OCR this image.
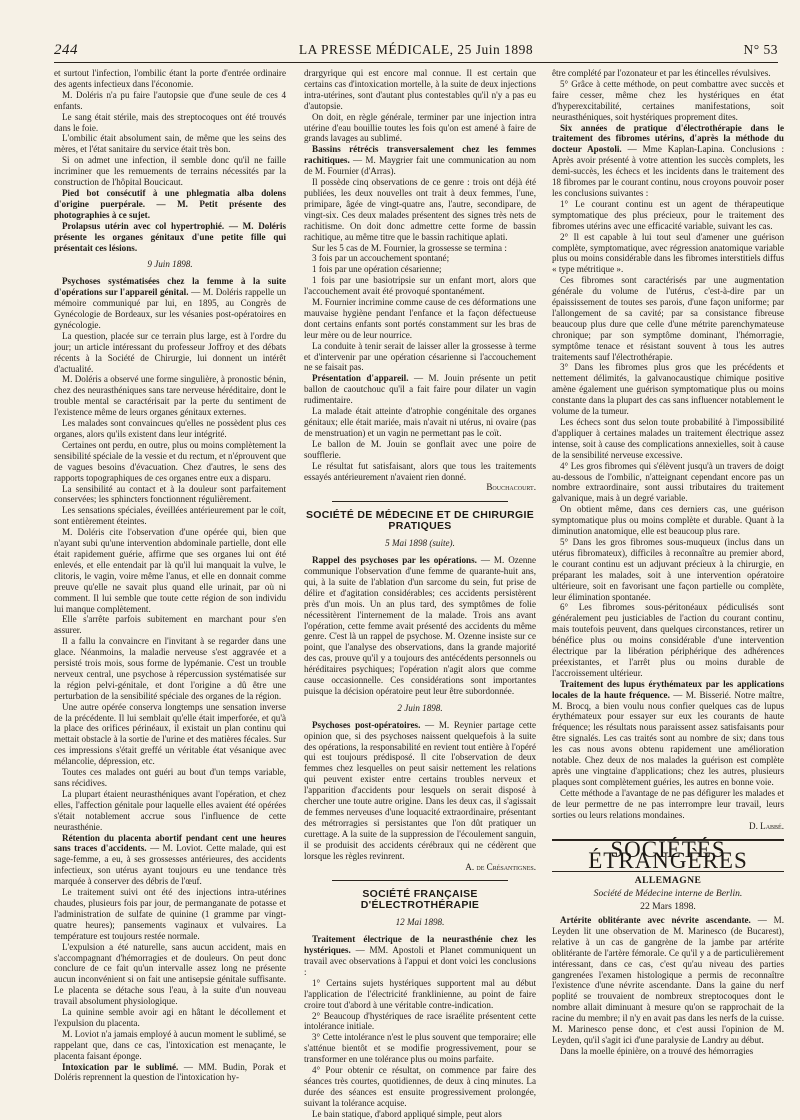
244	LA PRESSE MÉDICALE, 25 Juin 1898	N° 53

et surtout l'infection, l'ombilic étant la porte d'entrée ordinaire des agents infectieux dans l'économie.

M. Doléris n'a pu faire l'autopsie que d'une seule de ces 4 enfants.

Le sang était stérile, mais des streptocoques ont été trouvés dans le foie.

L'ombilic était absolument sain, de même que les seins des mères, et l'état sanitaire du service était très bon.

Si on admet une infection, il semble donc qu'il ne faille incriminer que les remuements de terrains nécessités par la construction de l'hôpital Boucicaut.

Pied bot consécutif à une phlegmatia alba dolens d'origine puerpérale. — M. Petit présente des photographies à ce sujet.

Prolapsus utérin avec col hypertrophié. — M. Doléris présente les organes génitaux d'une petite fille qui présentait ces lésions.

9 Juin 1898.

Psychoses systématisées chez la femme à la suite d'opérations sur l'appareil génital. — M. Doléris rappelle un mémoire communiqué par lui, en 1895, au Congrès de Gynécologie de Bordeaux, sur les vésanies post-opératoires en gynécologie.

La question, placée sur ce terrain plus large, est à l'ordre du jour; un article intéressant du professeur Joffroy et des débats récents à la Société de Chirurgie, lui donnent un intérêt d'actualité.

M. Doléris a observé une forme singulière, à pronostic bénin, chez des neurasthéniques sans tare nerveuse héréditaire, dont le trouble mental se caractérisait par la perte du sentiment de l'existence même de leurs organes génitaux externes.

Les malades sont convaincues qu'elles ne possèdent plus ces organes, alors qu'ils existent dans leur intégrité.

Certaines ont perdu, en outre, plus ou moins complètement la sensibilité spéciale de la vessie et du rectum, et n'éprouvent que de vagues besoins d'évacuation. Chez d'autres, le sens des rapports topographiques de ces organes entre eux a disparu.

La sensibilité au contact et à la douleur sont parfaitement conservées; les sphincters fonctionnent régulièrement.

Les sensations spéciales, éveillées antérieurement par le coït, sont entièrement éteintes.

M. Doléris cite l'observation d'une opérée qui, bien que n'ayant subi qu'une intervention abdominale partielle, dont elle était rapidement guérie, affirme que ses organes lui ont été enlevés, et elle entendait par là qu'il lui manquait la vulve, le clitoris, le vagin, voire même l'anus, et elle en donnait comme preuve qu'elle ne savait plus quand elle urinait, par où ni comment. Il lui semble que toute cette région de son individu lui manque complètement.

Elle s'arrête parfois subitement en marchant pour s'en assurer.

Il a fallu la convaincre en l'invitant à se regarder dans une glace. Néanmoins, la maladie nerveuse s'est aggravée et a persisté trois mois, sous forme de lypémanie. C'est un trouble nerveux central, une psychose à répercussion systématisée sur la région pelvi-génitale, et dont l'origine a dû être une perturbation de la sensibilité spéciale des organes de la région.

Une autre opérée conserva longtemps une sensation inverse de la précédente. Il lui semblait qu'elle était imperforée, et qu'à la place des orifices périnéaux, il existait un plan continu qui mettait obstacle à la sortie de l'urine et des matières fécales. Sur ces impressions s'était greffé un véritable état vésanique avec mélancolie, dépression, etc.

Toutes ces malades ont guéri au bout d'un temps variable, sans récidives.

La plupart étaient neurasthéniques avant l'opération, et chez elles, l'affection génitale pour laquelle elles avaient été opérées s'était notablement accrue sous l'influence de cette neurasthénie.

Rétention du placenta abortif pendant cent une heures sans traces d'accidents. — M. Loviot. Cette malade, qui est sage-femme, a eu, à ses grossesses antérieures, des accidents infectieux, son utérus ayant toujours eu une tendance très marquée à conserver des débris de l'œuf.

Le traitement suivi ont été des injections intra-utérines chaudes, plusieurs fois par jour, de permanganate de potasse et l'administration de sulfate de quinine (1 gramme par vingt-quatre heures); pansements vaginaux et vulvaires. La température est toujours restée normale.

L'expulsion a été naturelle, sans aucun accident, mais en s'accompagnant d'hémorragies et de douleurs. On peut donc conclure de ce fait qu'un intervalle assez long ne présente aucun inconvénient si on fait une antisepsie génitale suffisante. Le placenta se détache sous l'eau, à la suite d'un nouveau travail absolument physiologique.

La quinine semble avoir agi en hâtant le décollement et l'expulsion du placenta.

M. Loviot n'a jamais employé à aucun moment le sublimé, se rappelant que, dans ce cas, l'intoxication est menaçante, le placenta faisant éponge.

Intoxication par le sublimé. — MM. Budin, Porak et Doléris reprennent la question de l'intoxication hy-

drargyrique qui est encore mal connue. Il est certain que certains cas d'intoxication mortelle, à la suite de deux injections intra-utérines, sont d'autant plus contestables qu'il n'y a pas eu d'autopsie.

On doit, en règle générale, terminer par une injection intra utérine d'eau bouillie toutes les fois qu'on est amené à faire de grands lavages au sublimé.

Bassins rétrécis transversalement chez les femmes rachitiques. — M. Maygrier fait une communication au nom de M. Fournier (d'Arras).

Il possède cinq observations de ce genre : trois ont déjà été publiées, les deux nouvelles ont trait à deux femmes, l'une, primipare, âgée de vingt-quatre ans, l'autre, secondipare, de vingt-six. Ces deux malades présentent des signes très nets de rachitisme. On doit donc admettre cette forme de bassin rachitique, au même titre que le bassin rachitique aplati.

Sur les 5 cas de M. Fournier, la grossesse se termina :

3 fois par un accouchement spontané;

1 fois par une opération césarienne;

1 fois par une basiotripsie sur un enfant mort, alors que l'accouchement avait été provoqué spontanément.

M. Fournier incrimine comme cause de ces déformations une mauvaise hygiène pendant l'enfance et la façon défectueuse dont certains enfants sont portés constamment sur les bras de leur mère ou de leur nourrice.

La conduite à tenir serait de laisser aller la grossesse à terme et d'intervenir par une opération césarienne si l'accouchement ne se faisait pas.

Présentation d'appareil. — M. Jouin présente un petit ballon de caoutchouc qu'il a fait faire pour dilater un vagin rudimentaire.

La malade était atteinte d'atrophie congénitale des organes génitaux; elle était mariée, mais n'avait ni utérus, ni ovaire (pas de menstruation) et un vagin ne permettant pas le coït.

Le ballon de M. Jouin se gonflait avec une poire de soufflerie.

Le résultat fut satisfaisant, alors que tous les traitements essayés antérieurement n'avaient rien donné.

Bouchacourt.

SOCIÉTÉ DE MÉDECINE ET DE CHIRURGIE PRATIQUES

5 Mai 1898 (suite).

Rappel des psychoses par les opérations. — M. Ozenne communique l'observation d'une femme de quarante-huit ans, qui, à la suite de l'ablation d'un sarcome du sein, fut prise de délire et d'agitation considérables; ces accidents persistèrent près d'un mois. Un an plus tard, des symptômes de folie nécessitèrent l'internement de la malade. Trois ans avant l'opération, cette femme avait présenté des accidents du même genre. C'est là un rappel de psychose. M. Ozenne insiste sur ce point, que l'analyse des observations, dans la grande majorité des cas, prouve qu'il y a toujours des antécédents personnels ou héréditaires psychiques; l'opération n'agit alors que comme cause occasionnelle. Ces considérations sont importantes puisque la décision opératoire peut leur être subordonnée.

2 Juin 1898.

Psychoses post-opératoires. — M. Reynier partage cette opinion que, si des psychoses naissent quelquefois à la suite des opérations, la responsabilité en revient tout entière à l'opéré qui est toujours prédisposé. Il cite l'observation de deux femmes chez lesquelles on peut saisir nettement les relations qui peuvent exister entre certains troubles nerveux et l'apparition d'accidents pour lesquels on serait disposé à chercher une toute autre origine. Dans les deux cas, il s'agissait de femmes nerveuses d'une loquacité extraordinaire, présentant des métrorragies si persistantes que l'on dût pratiquer un curettage. A la suite de la suppression de l'écoulement sanguin, il se produisit des accidents cérébraux qui ne cédèrent que lorsque les règles revinrent.

A. de Crésantignes.

SOCIÉTÉ FRANÇAISE D'ÉLECTROTHÉRAPIE

12 Mai 1898.

Traitement électrique de la neurasthénie chez les hystériques. — MM. Apostoli et Planet communiquent un travail avec observations à l'appui et dont voici les conclusions :

1° Certains sujets hystériques supportent mal au début l'application de l'électricité franklinienne, au point de faire croire tout d'abord à une véritable contre-indication.

2° Beaucoup d'hystériques de race israélite présentent cette intolérance initiale.

3° Cette intolérance n'est le plus souvent que temporaire; elle s'atténue bientôt et se modifie progressivement, pour se transformer en une tolérance plus ou moins parfaite.

4° Pour obtenir ce résultat, on commence par faire des séances très courtes, quotidiennes, de deux à cinq minutes. La durée des séances est ensuite progressivement prolongée, suivant la tolérance acquise.

Le bain statique, d'abord appliqué simple, peut alors

être complété par l'ozonateur et par les étincelles révulsives.

5° Grâce à cette méthode, on peut combattre avec succès et faire cesser, même chez les hystériques en état d'hyperexcitabilité, certaines manifestations, soit neurasthéniques, soit hystériques proprement dites.

Six années de pratique d'électrothérapie dans le traitement des fibromes utérins, d'après la méthode du docteur Apostoli. — Mme Kaplan-Lapina. Conclusions : Après avoir présenté à votre attention les succès complets, les demi-succès, les échecs et les incidents dans le traitement des 18 fibromes par le courant continu, nous croyons pouvoir poser les conclusions suivantes :

1° Le courant continu est un agent de thérapeutique symptomatique des plus précieux, pour le traitement des fibromes utérins avec une efficacité variable, suivant les cas.

2° Il est capable à lui tout seul d'amener une guérison complète, symptomatique, avec régression anatomique variable plus ou moins considérable dans les fibromes interstitiels diffus « type métritique ».

Ces fibromes sont caractérisés par une augmentation générale du volume de l'utérus, c'est-à-dire par un épaississement de toutes ses parois, d'une façon uniforme; par l'allongement de sa cavité; par sa consistance fibreuse beaucoup plus dure que celle d'une métrite parenchymateuse chronique; par son symptôme dominant, l'hémorragie, symptôme tenace et résistant souvent à tous les autres traitements sauf l'électrothérapie.

3° Dans les fibromes plus gros que les précédents et nettement délimités, la galvanocaustique chimique positive amène également une guérison symptomatique plus ou moins constante dans la plupart des cas sans influencer notablement le volume de la tumeur.

Les échecs sont dus selon toute probabilité à l'impossibilité d'appliquer à certaines malades un traitement électrique assez intense, soit à cause des complications annexielles, soit à cause de la sensibilité nerveuse excessive.

4° Les gros fibromes qui s'élèvent jusqu'à un travers de doigt au-dessous de l'ombilic, n'atteignant cependant encore pas un nombre extraordinaire, sont aussi tributaires du traitement galvanique, mais à un degré variable.

On obtient même, dans ces derniers cas, une guérison symptomatique plus ou moins complète et durable. Quant à la diminution anatomique, elle est beaucoup plus rare.

5° Dans les gros fibromes sous-muqueux (inclus dans un utérus fibromateux), difficiles à reconnaître au premier abord, le courant continu est un adjuvant précieux à la chirurgie, en préparant les malades, soit à une intervention opératoire ultérieure, soit en favorisant une façon partielle ou complète, leur élimination spontanée.

6° Les fibromes sous-péritonéaux pédiculisés sont généralement peu justiciables de l'action du courant continu, mais toutefois peuvent, dans quelques circonstances, retirer un bénéfice plus ou moins considérable d'une intervention électrique par la libération périphérique des adhérences préexistantes, et l'arrêt plus ou moins durable de l'accroissement ultérieur.

Traitement des lupus érythémateux par les applications locales de la haute fréquence. — M. Bisserié. Notre maître, M. Brocq, a bien voulu nous confier quelques cas de lupus érythémateux pour essayer sur eux les courants de haute fréquence; les résultats nous paraissent assez satisfaisants pour être signalés. Les cas traités sont au nombre de six; dans tous les cas nous avons obtenu rapidement une amélioration notable. Chez deux de nos malades la guérison est complète après une vingtaine d'applications; chez les autres, plusieurs plaques sont complètement guéries, les autres en bonne voie.

Cette méthode a l'avantage de ne pas défigurer les malades et de leur permettre de ne pas interrompre leur travail, leurs sorties ou leurs relations mondaines.

D. Labbé.

SOCIÉTÉS ÉTRANGÈRES
ALLEMAGNE
Société de Médecine interne de Berlin.
22 Mars 1898.

Artérite oblitérante avec névrite ascendante. — M. Leyden lit une observation de M. Marinesco (de Bucarest), relative à un cas de gangrène de la jambe par artérite oblitérante de l'artère fémorale. Ce qu'il y a de particulièrement intéressant, dans ce cas, c'est qu'au niveau des parties gangrenées l'examen histologique a permis de reconnaître l'existence d'une névrite ascendante. Dans la gaine du nerf poplité se trouvaient de nombreux streptocoques dont le nombre allait diminuant à mesure qu'on se rapprochait de la racine du membre; il n'y en avait pas dans les nerfs de la cuisse. M. Marinesco pense donc, et c'est aussi l'opinion de M. Leyden, qu'il s'agit ici d'une paralysie de Landry au début.

Dans la moelle épinière, on a trouvé des hémorragies
